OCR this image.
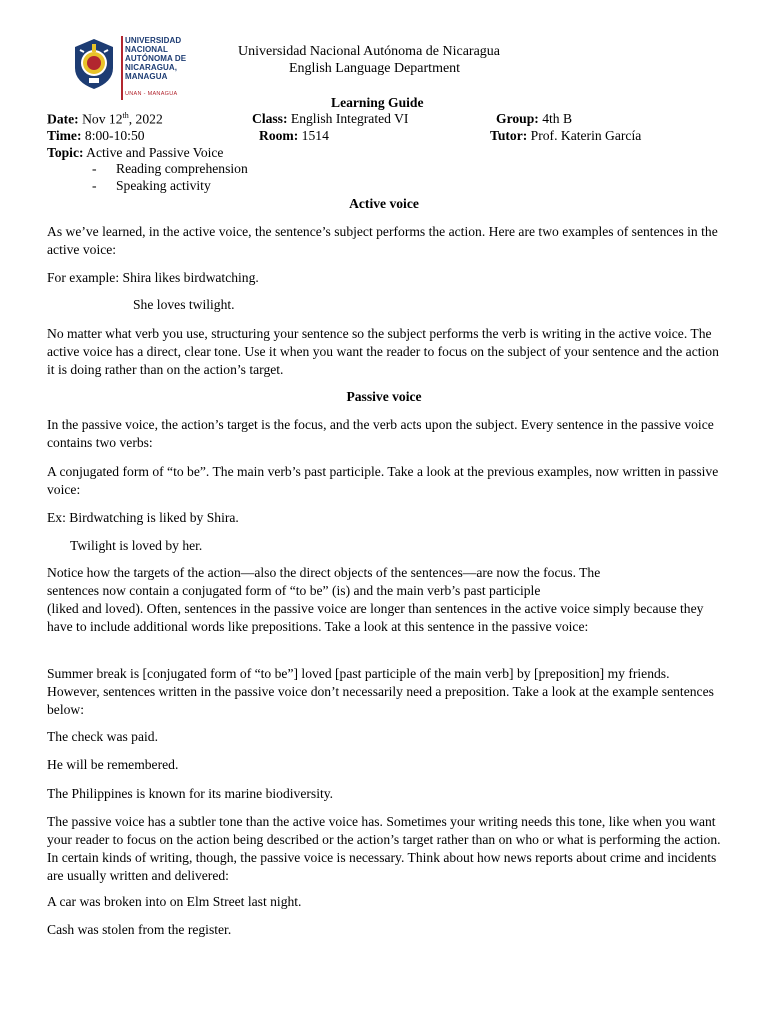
UNIVERSIDAD
NACIONAL
AUTÓNOMA DE
NICARAGUA,
MANAGUA
UNAN - MANAGUA
Universidad Nacional Autónoma de Nicaragua
English Language Department
Learning Guide
Date: Nov 12th, 2022	Class: English Integrated VI	Group: 4th B
Time: 8:00-10:50	Room: 1514	Tutor: Prof. Katerin García
Topic: Active and Passive Voice
- Reading comprehension
- Speaking activity
Active voice
As we’ve learned, in the active voice, the sentence’s subject performs the action. Here are two examples of sentences in the active voice:
For example: Shira likes birdwatching.
She loves twilight.
No matter what verb you use, structuring your sentence so the subject performs the verb is writing in the active voice. The active voice has a direct, clear tone. Use it when you want the reader to focus on the subject of your sentence and the action it is doing rather than on the action’s target.
Passive voice
In the passive voice, the action’s target is the focus, and the verb acts upon the subject. Every sentence in the passive voice contains two verbs:
A conjugated form of “to be”. The main verb’s past participle. Take a look at the previous examples, now written in passive voice:
Ex: Birdwatching is liked by Shira.
Twilight is loved by her.
Notice how the targets of the action—also the direct objects of the sentences—are now the focus. The
sentences now contain a conjugated form of “to be” (is) and the main verb’s past participle
(liked and loved). Often, sentences in the passive voice are longer than sentences in the active voice simply because they have to include additional words like prepositions. Take a look at this sentence in the passive voice:
Summer break is [conjugated form of “to be”] loved [past participle of the main verb] by [preposition] my friends. However, sentences written in the passive voice don’t necessarily need a preposition. Take a look at the example sentences below:
The check was paid.
He will be remembered.
The Philippines is known for its marine biodiversity.
The passive voice has a subtler tone than the active voice has. Sometimes your writing needs this tone, like when you want your reader to focus on the action being described or the action’s target rather than on who or what is performing the action. In certain kinds of writing, though, the passive voice is necessary. Think about how news reports about crime and incidents are usually written and delivered:
A car was broken into on Elm Street last night.
Cash was stolen from the register.
